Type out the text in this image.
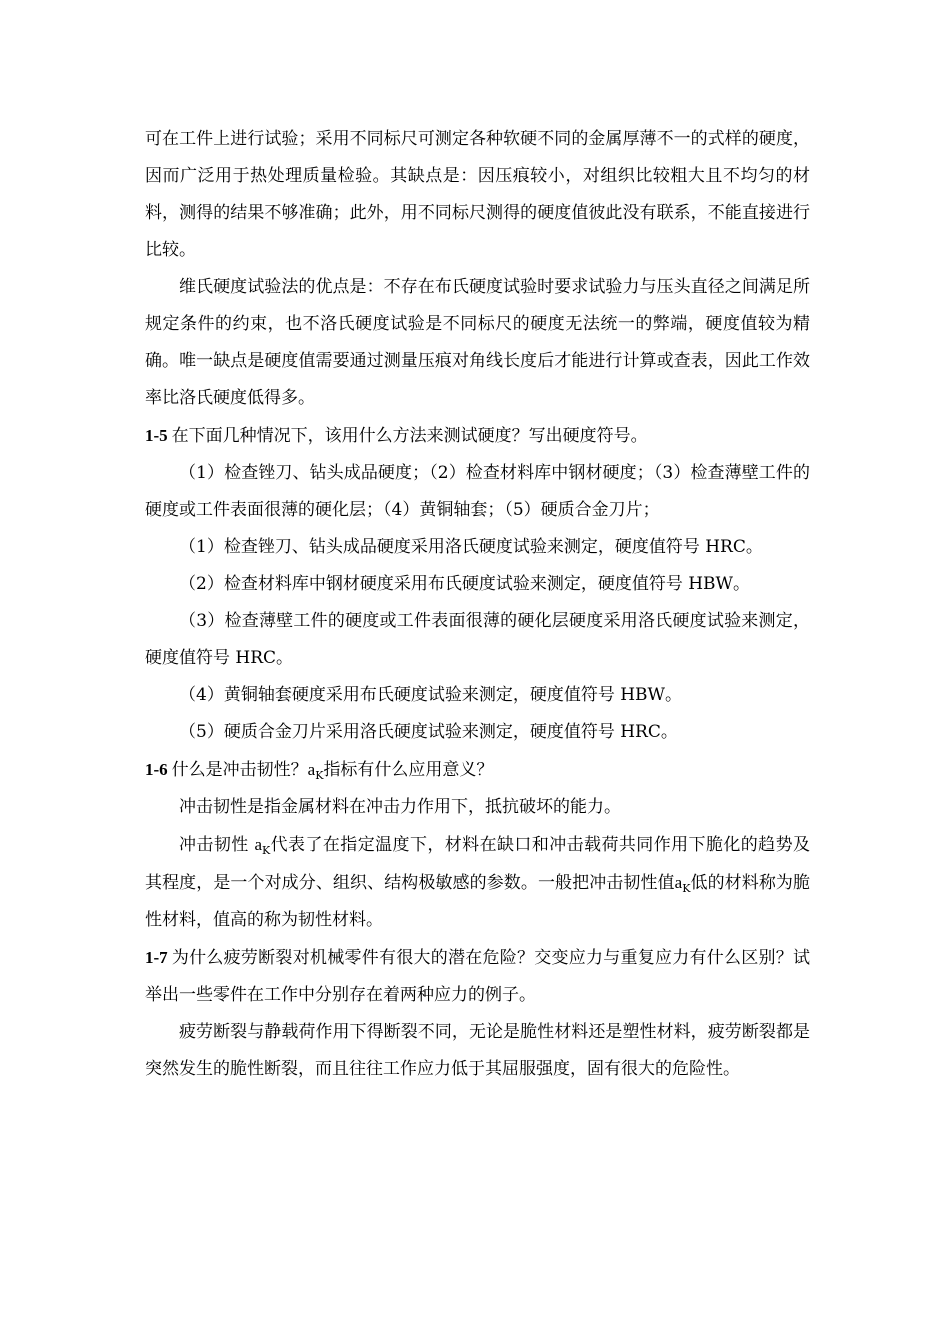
可在工件上进行试验；采用不同标尺可测定各种软硬不同的金属厚薄不一的式样的硬度，因而广泛用于热处理质量检验。其缺点是：因压痕较小，对组织比较粗大且不均匀的材料，测得的结果不够准确；此外，用不同标尺测得的硬度值彼此没有联系，不能直接进行比较。

维氏硬度试验法的优点是：不存在布氏硬度试验时要求试验力与压头直径之间满足所规定条件的约束，也不洛氏硬度试验是不同标尺的硬度无法统一的弊端，硬度值较为精确。唯一缺点是硬度值需要通过测量压痕对角线长度后才能进行计算或查表，因此工作效率比洛氏硬度低得多。

1-5 在下面几种情况下，该用什么方法来测试硬度？写出硬度符号。

（1）检查锉刀、钻头成品硬度；（2）检查材料库中钢材硬度；（3）检查薄壁工件的硬度或工件表面很薄的硬化层；（4）黄铜轴套；（5）硬质合金刀片；

（1）检查锉刀、钻头成品硬度采用洛氏硬度试验来测定，硬度值符号 HRC。

（2）检查材料库中钢材硬度采用布氏硬度试验来测定，硬度值符号 HBW。

（3）检查薄壁工件的硬度或工件表面很薄的硬化层硬度采用洛氏硬度试验来测定，硬度值符号 HRC。

（4）黄铜轴套硬度采用布氏硬度试验来测定，硬度值符号 HBW。

（5）硬质合金刀片采用洛氏硬度试验来测定，硬度值符号 HRC。

1-6 什么是冲击韧性？$a_K$指标有什么应用意义？

冲击韧性是指金属材料在冲击力作用下，抵抗破坏的能力。

冲击韧性 $a_K$代表了在指定温度下，材料在缺口和冲击载荷共同作用下脆化的趋势及其程度，是一个对成分、组织、结构极敏感的参数。一般把冲击韧性值$a_K$低的材料称为脆性材料，值高的称为韧性材料。

1-7 为什么疲劳断裂对机械零件有很大的潜在危险？交变应力与重复应力有什么区别？试举出一些零件在工作中分别存在着两种应力的例子。

疲劳断裂与静载荷作用下得断裂不同，无论是脆性材料还是塑性材料，疲劳断裂都是突然发生的脆性断裂，而且往往工作应力低于其屈服强度，固有很大的危险性。
